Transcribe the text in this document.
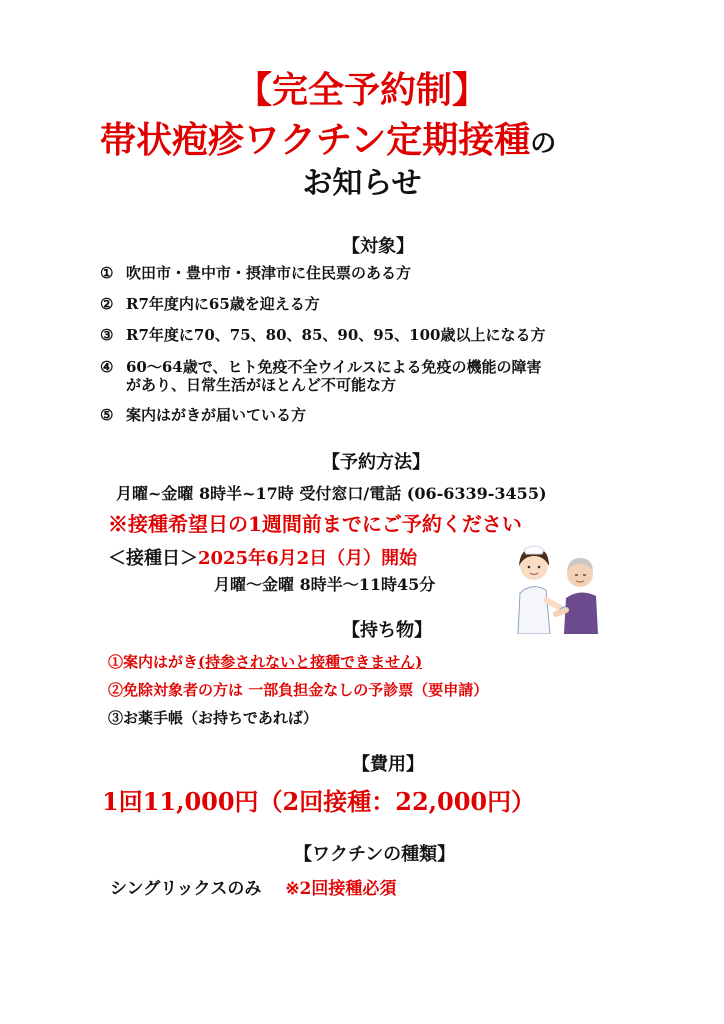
【完全予約制】
帯状疱疹ワクチン定期接種の
お知らせ
【対象】
① 吹田市・豊中市・摂津市に住民票のある方
② R7年度内に65歳を迎える方
③ R7年度に70、75、80、85、90、95、100歳以上になる方
④ 60～64歳で、ヒト免疫不全ウイルスによる免疫の機能の障害
があり、日常生活がほとんど不可能な方
⑤ 案内はがきが届いている方
【予約方法】
月曜~金曜 8時半~17時 受付窓口/電話 (06-6339-3455)
※接種希望日の1週間前までにご予約ください
＜接種日＞2025年6月2日（月）開始
月曜～金曜 8時半～11時45分
【持ち物】
①案内はがき(持参されないと接種できません)
②免除対象者の方は 一部負担金なしの予診票（要申請）
③お薬手帳（お持ちであれば）
【費用】
1回11,000円（2回接種：22,000円）
【ワクチンの種類】
シングリックスのみ ※2回接種必須
